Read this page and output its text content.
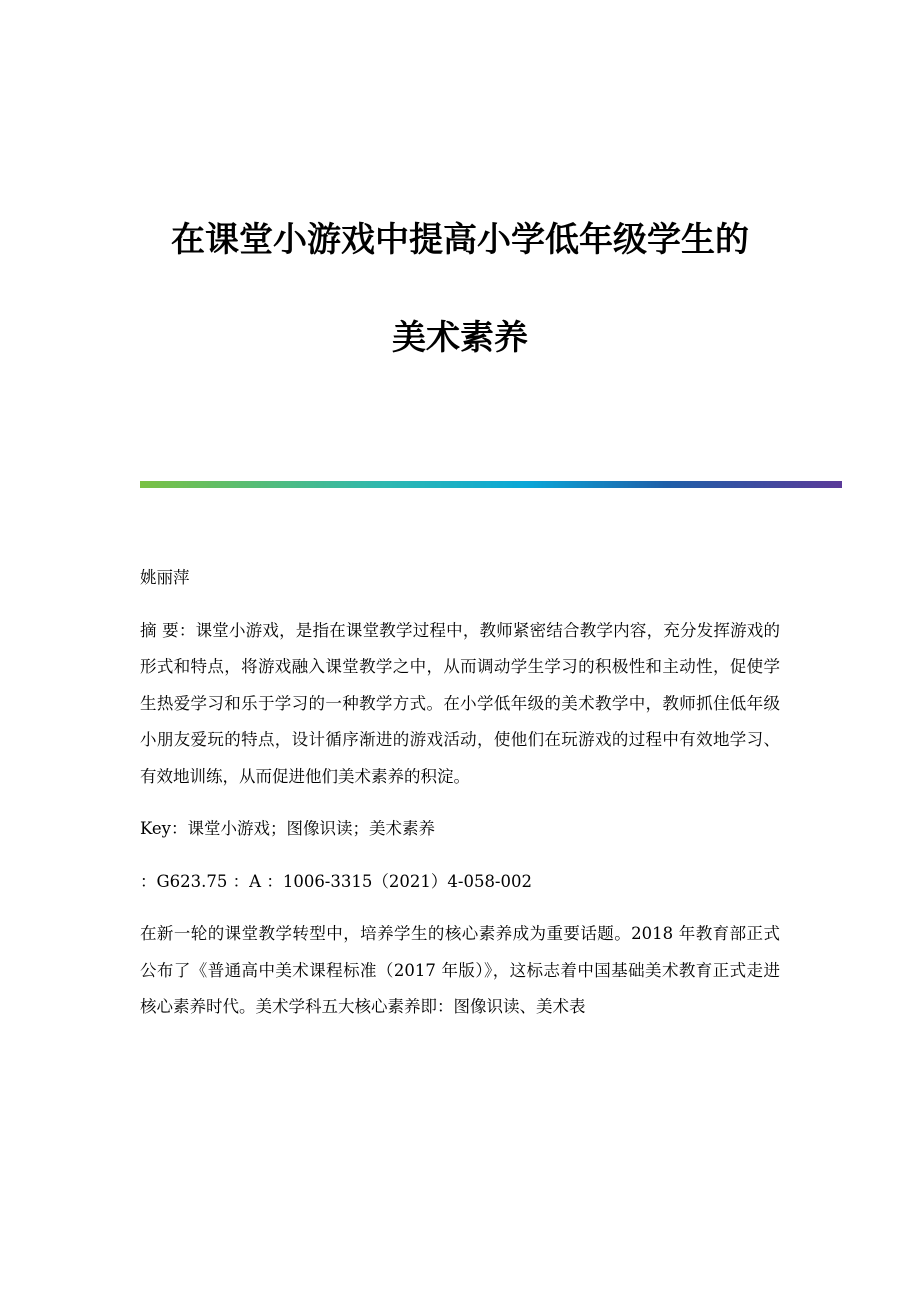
在课堂小游戏中提高小学低年级学生的
美术素养

姚丽萍

摘 要：课堂小游戏，是指在课堂教学过程中，教师紧密结合教学内容，充分发挥游戏的形式和特点，将游戏融入课堂教学之中，从而调动学生学习的积极性和主动性，促使学生热爱学习和乐于学习的一种教学方式。在小学低年级的美术教学中，教师抓住低年级小朋友爱玩的特点，设计循序渐进的游戏活动，使他们在玩游戏的过程中有效地学习、有效地训练，从而促进他们美术素养的积淀。

Key：课堂小游戏；图像识读；美术素养

：G623.75 ：A ：1006-3315（2021）4-058-002

在新一轮的课堂教学转型中，培养学生的核心素养成为重要话题。2018 年教育部正式公布了《普通高中美术课程标准（2017 年版）》，这标志着中国基础美术教育正式走进核心素养时代。美术学科五大核心素养即：图像识读、美术表
